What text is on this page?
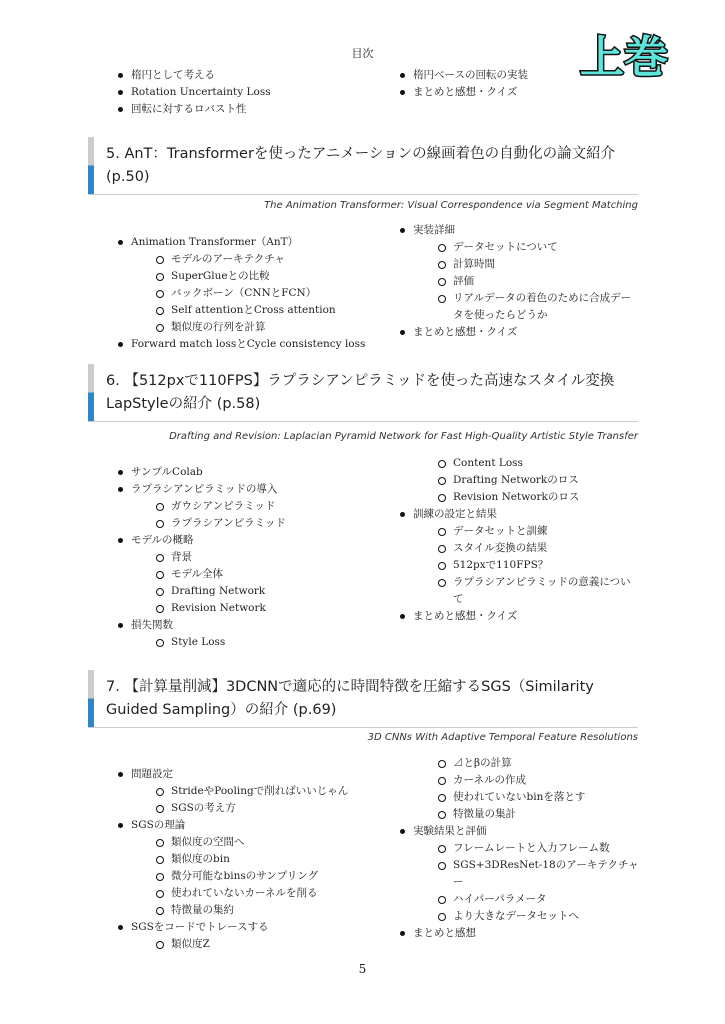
目次	上巻
楕円として考える
Rotation Uncertainty Loss
回転に対するロバスト性
楕円ベースの回転の実装
まとめと感想・クイズ
5. AnT：Transformerを使ったアニメーションの線画着色の自動化の論文紹介 (p.50)
The Animation Transformer: Visual Correspondence via Segment Matching
Animation Transformer（AnT）
モデルのアーキテクチャ
SuperGlueとの比較
バックボーン（CNNとFCN）
Self attentionとCross attention
類似度の行列を計算
Forward match lossとCycle consistency loss
実装詳細
データセットについて
計算時間
評価
リアルデータの着色のために合成データを使ったらどうか
まとめと感想・クイズ
6. 【512pxで110FPS】ラプラシアンピラミッドを使った高速なスタイル変換LapStyleの紹介 (p.58)
Drafting and Revision: Laplacian Pyramid Network for Fast High-Quality Artistic Style Transfer
サンプルColab
ラプラシアンピラミッドの導入
ガウシアンピラミッド
ラプラシアンピラミッド
モデルの概略
背景
モデル全体
Drafting Network
Revision Network
損失関数
Style Loss
Content Loss
Drafting Networkのロス
Revision Networkのロス
訓練の設定と結果
データセットと訓練
スタイル変換の結果
512pxで110FPS？
ラプラシアンピラミッドの意義について
まとめと感想・クイズ
7. 【計算量削減】3DCNNで適応的に時間特徴を圧縮するSGS（Similarity Guided Sampling）の紹介 (p.69)
3D CNNs With Adaptive Temporal Feature Resolutions
問題設定
StrideやPoolingで削ればいいじゃん
SGSの考え方
SGSの理論
類似度の空間へ
類似度のbin
微分可能なbinsのサンプリング
使われていないカーネルを削る
特徴量の集約
SGSをコードでトレースする
類似度Z
⊿とβの計算
カーネルの作成
使われていないbinを落とす
特徴量の集計
実験結果と評価
フレームレートと入力フレーム数
SGS+3DResNet-18のアーキテクチャー
ハイパーパラメータ
より大きなデータセットへ
まとめと感想
5
